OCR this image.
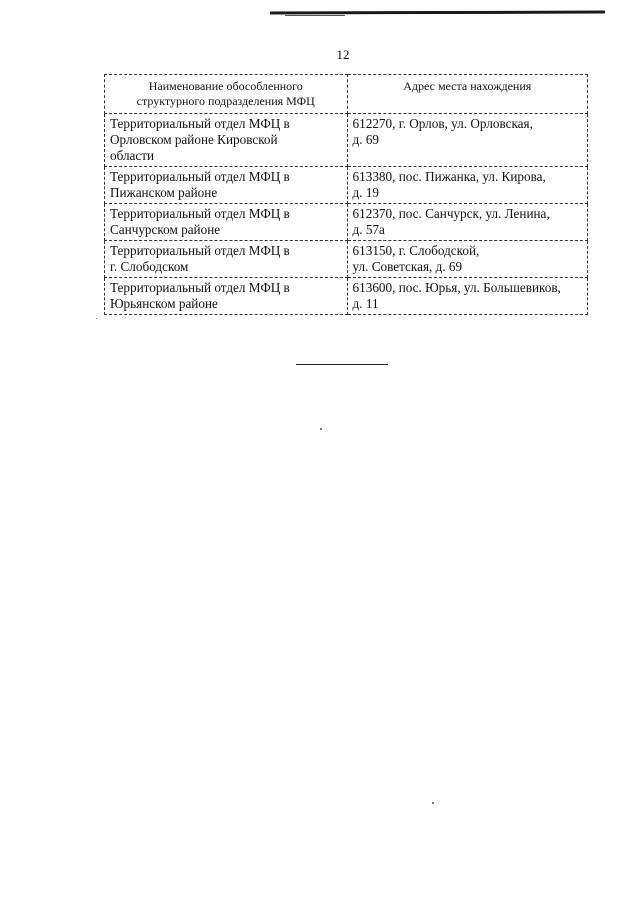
12
Наименование обособленного
структурного подразделения МФЦ	Адрес места нахождения

Территориальный отдел МФЦ в
Орловском районе Кировской
области	612270, г. Орлов, ул. Орловская,
д. 69

Территориальный отдел МФЦ в
Пижанском районе	613380, пос. Пижанка, ул. Кирова,
д. 19

Территориальный отдел МФЦ в
Санчурском районе	612370, пос. Санчурск, ул. Ленина,
д. 57а

Территориальный отдел МФЦ в
г. Слободском	613150, г. Слободской,
ул. Советская, д. 69

Территориальный отдел МФЦ в
Юрьянском районе	613600, пос. Юрья, ул. Большевиков,
д. 11
